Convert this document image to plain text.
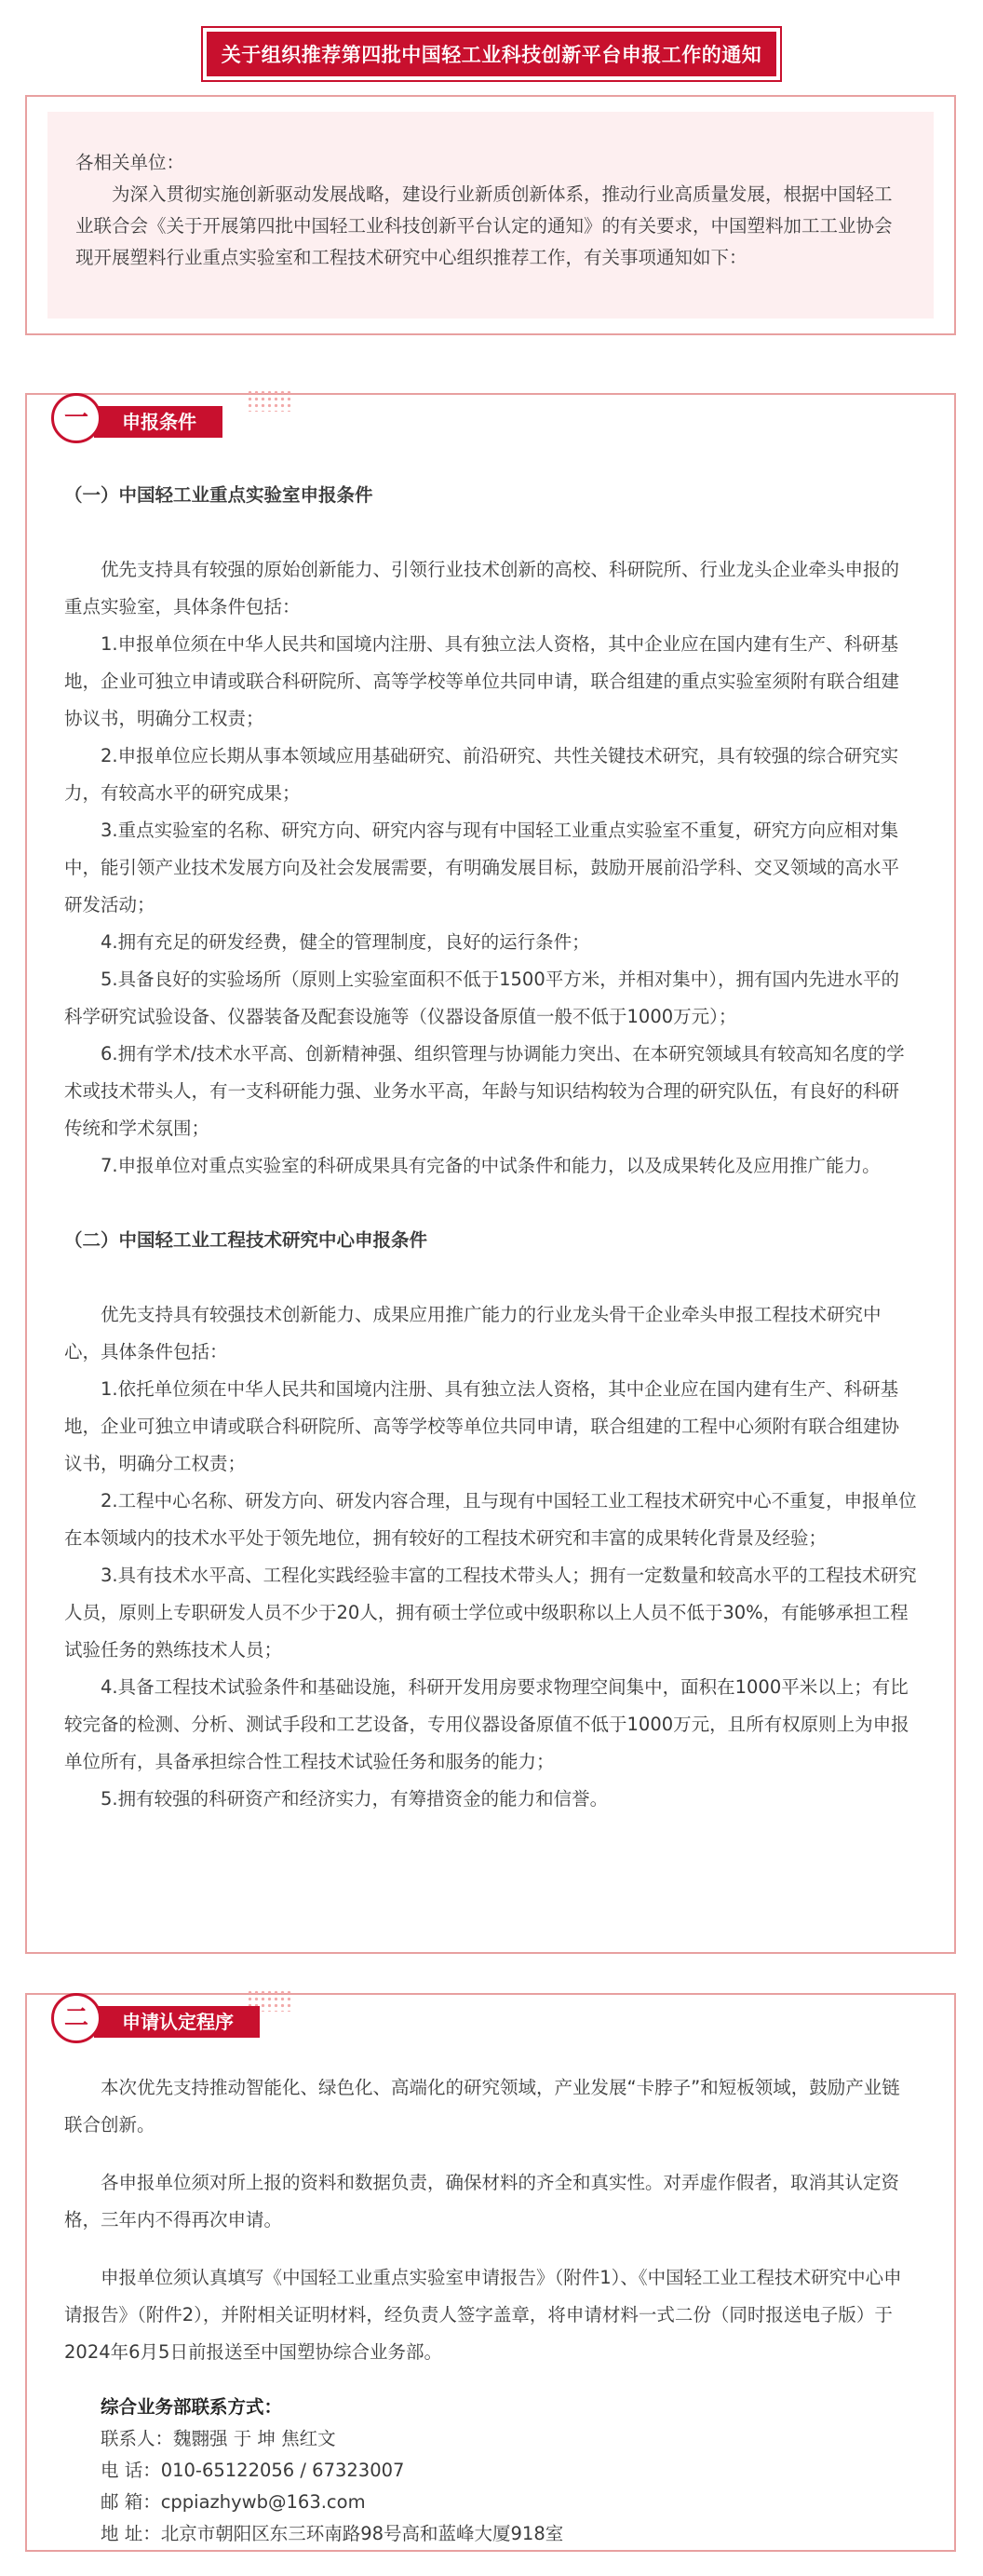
关于组织推荐第四批中国轻工业科技创新平台申报工作的通知

各相关单位：

为深入贯彻实施创新驱动发展战略，建设行业新质创新体系，推动行业高质量发展，根据中国轻工业联合会《关于开展第四批中国轻工业科技创新平台认定的通知》的有关要求，中国塑料加工工业协会现开展塑料行业重点实验室和工程技术研究中心组织推荐工作，有关事项通知如下：

申报条件
一

（一）中国轻工业重点实验室申报条件

优先支持具有较强的原始创新能力、引领行业技术创新的高校、科研院所、行业龙头企业牵头申报的重点实验室，具体条件包括：

1.申报单位须在中华人民共和国境内注册、具有独立法人资格，其中企业应在国内建有生产、科研基地，企业可独立申请或联合科研院所、高等学校等单位共同申请，联合组建的重点实验室须附有联合组建协议书，明确分工权责；

2.申报单位应长期从事本领域应用基础研究、前沿研究、共性关键技术研究，具有较强的综合研究实力，有较高水平的研究成果；

3.重点实验室的名称、研究方向、研究内容与现有中国轻工业重点实验室不重复，研究方向应相对集中，能引领产业技术发展方向及社会发展需要，有明确发展目标，鼓励开展前沿学科、交叉领域的高水平研发活动；

4.拥有充足的研发经费，健全的管理制度，良好的运行条件；

5.具备良好的实验场所（原则上实验室面积不低于1500平方米，并相对集中），拥有国内先进水平的科学研究试验设备、仪器装备及配套设施等（仪器设备原值一般不低于1000万元）；

6.拥有学术/技术水平高、创新精神强、组织管理与协调能力突出、在本研究领域具有较高知名度的学术或技术带头人，有一支科研能力强、业务水平高，年龄与知识结构较为合理的研究队伍，有良好的科研传统和学术氛围；

7.申报单位对重点实验室的科研成果具有完备的中试条件和能力，以及成果转化及应用推广能力。

（二）中国轻工业工程技术研究中心申报条件

优先支持具有较强技术创新能力、成果应用推广能力的行业龙头骨干企业牵头申报工程技术研究中心，具体条件包括：

1.依托单位须在中华人民共和国境内注册、具有独立法人资格，其中企业应在国内建有生产、科研基地，企业可独立申请或联合科研院所、高等学校等单位共同申请，联合组建的工程中心须附有联合组建协议书，明确分工权责；

2.工程中心名称、研发方向、研发内容合理，且与现有中国轻工业工程技术研究中心不重复，申报单位在本领域内的技术水平处于领先地位，拥有较好的工程技术研究和丰富的成果转化背景及经验；

3.具有技术水平高、工程化实践经验丰富的工程技术带头人；拥有一定数量和较高水平的工程技术研究人员，原则上专职研发人员不少于20人，拥有硕士学位或中级职称以上人员不低于30%，有能够承担工程试验任务的熟练技术人员；

4.具备工程技术试验条件和基础设施，科研开发用房要求物理空间集中，面积在1000平米以上；有比较完备的检测、分析、测试手段和工艺设备，专用仪器设备原值不低于1000万元，且所有权原则上为申报单位所有，具备承担综合性工程技术试验任务和服务的能力；

5.拥有较强的科研资产和经济实力，有筹措资金的能力和信誉。

申请认定程序
二

本次优先支持推动智能化、绿色化、高端化的研究领域，产业发展“卡脖子”和短板领域，鼓励产业链联合创新。

各申报单位须对所上报的资料和数据负责，确保材料的齐全和真实性。对弄虚作假者，取消其认定资格，三年内不得再次申请。

申报单位须认真填写《中国轻工业重点实验室申请报告》（附件1）、《中国轻工业工程技术研究中心申请报告》（附件2），并附相关证明材料，经负责人签字盖章，将申请材料一式二份（同时报送电子版）于2024年6月5日前报送至中国塑协综合业务部。

综合业务部联系方式：

联系人：魏翾强 于 坤 焦红文

电 话：010-65122056 / 67323007

邮 箱：cppiazhywb@163.com

地 址：北京市朝阳区东三环南路98号高和蓝峰大厦918室
